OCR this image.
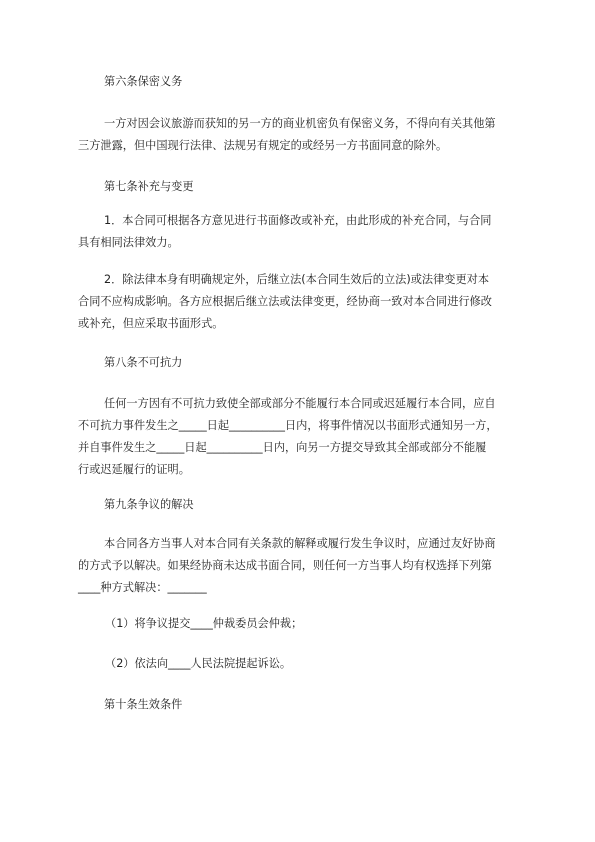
第六条保密义务

一方对因会议旅游而获知的另一方的商业机密负有保密义务，不得向有关其他第
三方泄露，但中国现行法律、法规另有规定的或经另一方书面同意的除外。

第七条补充与变更

1．本合同可根据各方意见进行书面修改或补充，由此形成的补充合同，与合同
具有相同法律效力。

2．除法律本身有明确规定外，后继立法(本合同生效后的立法)或法律变更对本
合同不应构成影响。各方应根据后继立法或法律变更，经协商一致对本合同进行修改
或补充，但应采取书面形式。

第八条不可抗力

任何一方因有不可抗力致使全部或部分不能履行本合同或迟延履行本合同，应自
不可抗力事件发生之_____日起__________日内，将事件情况以书面形式通知另一方，
并自事件发生之_____日起__________日内，向另一方提交导致其全部或部分不能履
行或迟延履行的证明。

第九条争议的解决

本合同各方当事人对本合同有关条款的解释或履行发生争议时，应通过友好协商
的方式予以解决。如果经协商未达成书面合同，则任何一方当事人均有权选择下列第
____种方式解决：_______

（1）将争议提交____仲裁委员会仲裁；

（2）依法向____人民法院提起诉讼。

第十条生效条件
